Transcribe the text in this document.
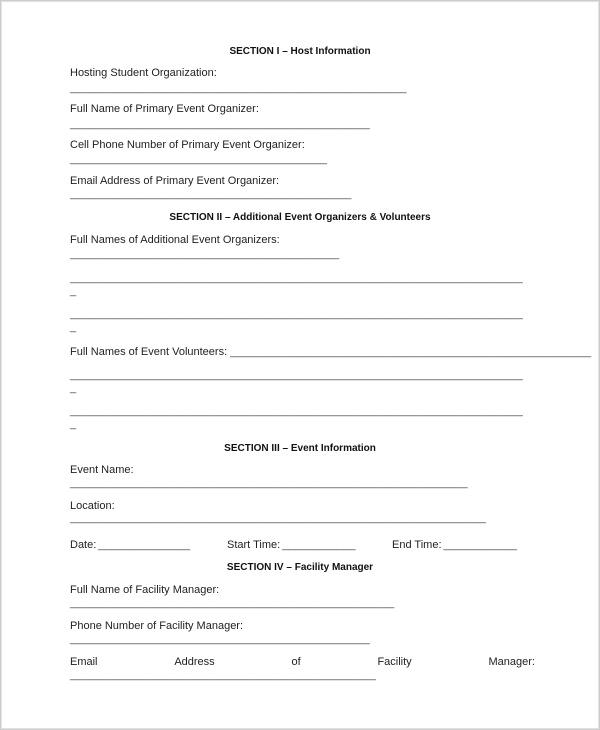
SECTION I – Host Information
Hosting Student Organization:
_______________________________________________________
Full Name of Primary Event Organizer:
_________________________________________________
Cell Phone Number of Primary Event Organizer:
__________________________________________
Email Address of Primary Event Organizer:
______________________________________________
SECTION II – Additional Event Organizers & Volunteers
Full Names of Additional Event Organizers:
____________________________________________
__________________________________________________________________________
_
__________________________________________________________________________
_
Full Names of Event Volunteers: ___________________________________________________________
__________________________________________________________________________
_
__________________________________________________________________________
_
SECTION III – Event Information
Event Name:
_________________________________________________________________
Location:
____________________________________________________________________
Date: _______________	Start Time: ____________	End Time: ____________
SECTION IV – Facility Manager
Full Name of Facility Manager:
_____________________________________________________
Phone Number of Facility Manager:
_________________________________________________
Email	Address	of	Facility	Manager:
__________________________________________________
